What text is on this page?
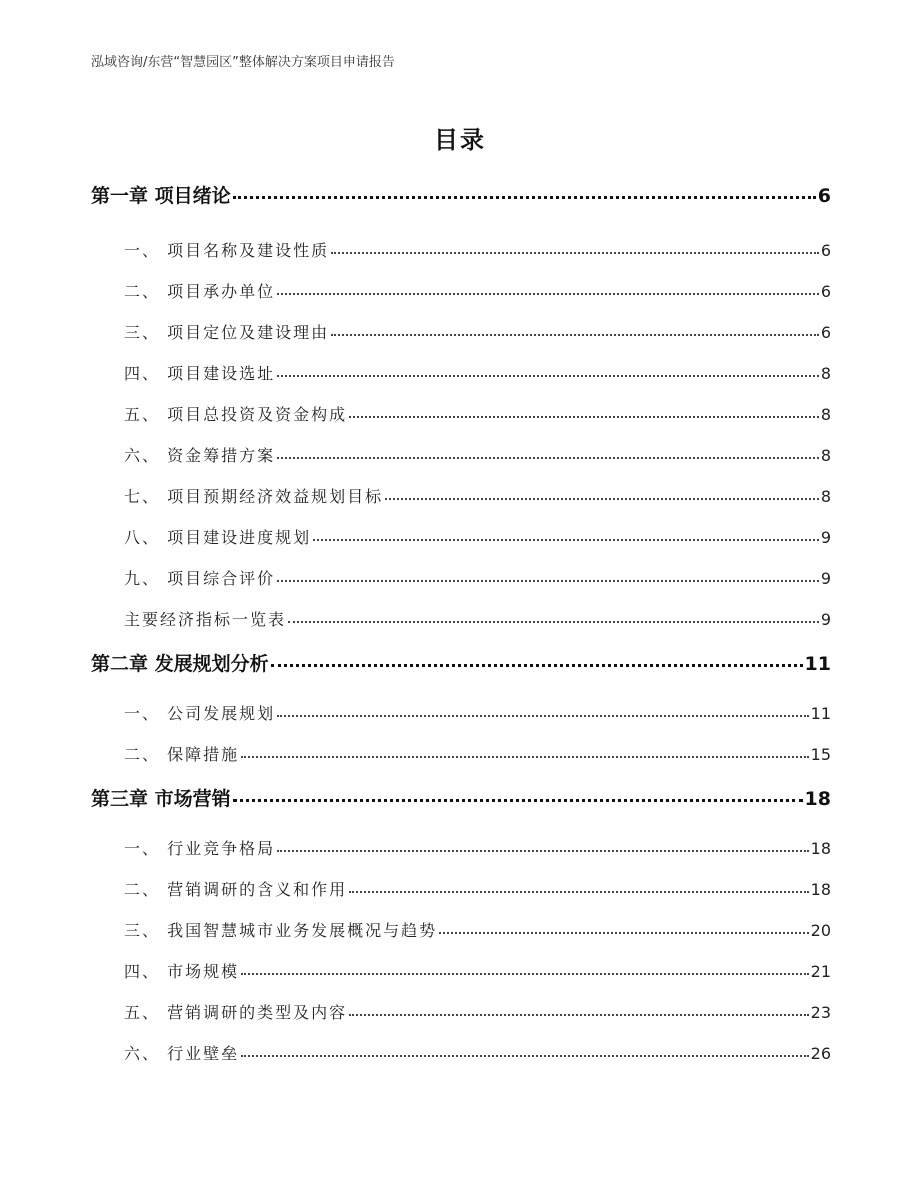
泓域咨询/东营“智慧园区”整体解决方案项目申请报告
目录
第一章 项目绪论	6
一、 项目名称及建设性质	6
二、 项目承办单位	6
三、 项目定位及建设理由	6
四、 项目建设选址	8
五、 项目总投资及资金构成	8
六、 资金筹措方案	8
七、 项目预期经济效益规划目标	8
八、 项目建设进度规划	9
九、 项目综合评价	9
主要经济指标一览表	9
第二章 发展规划分析	11
一、 公司发展规划	11
二、 保障措施	15
第三章 市场营销	18
一、 行业竞争格局	18
二、 营销调研的含义和作用	18
三、 我国智慧城市业务发展概况与趋势	20
四、 市场规模	21
五、 营销调研的类型及内容	23
六、 行业壁垒	26
